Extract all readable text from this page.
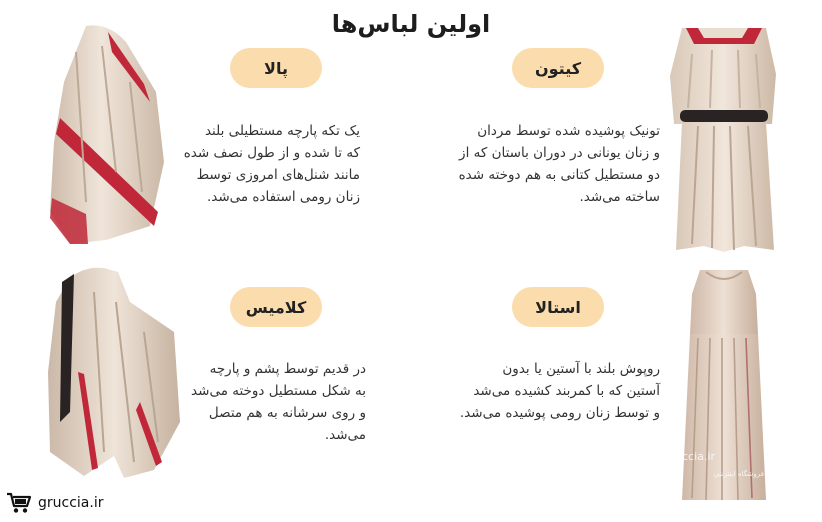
اولین لباس‌ها
کیتون
تونیک پوشیده شده توسط مردان
و زنان یونانی در دوران باستان که از
دو مستطیل کتانی به هم دوخته شده
ساخته می‌شد.
پالا
یک تکه پارچه مستطیلی بلند
که تا شده و از طول نصف شده
مانند شنل‌های امروزی توسط
زنان رومی استفاده می‌شد.
استالا
روپوش بلند با آستین یا بدون
آستین که با کمربند کشیده می‌شد
و توسط زنان رومی پوشیده می‌شد.
ccia.ir
فروشگاه اینترنتی
کلامیس
در قدیم توسط پشم و پارچه
به شکل مستطیل دوخته می‌شد
و روی سرشانه به هم متصل می‌شد.
gruccia.ir
